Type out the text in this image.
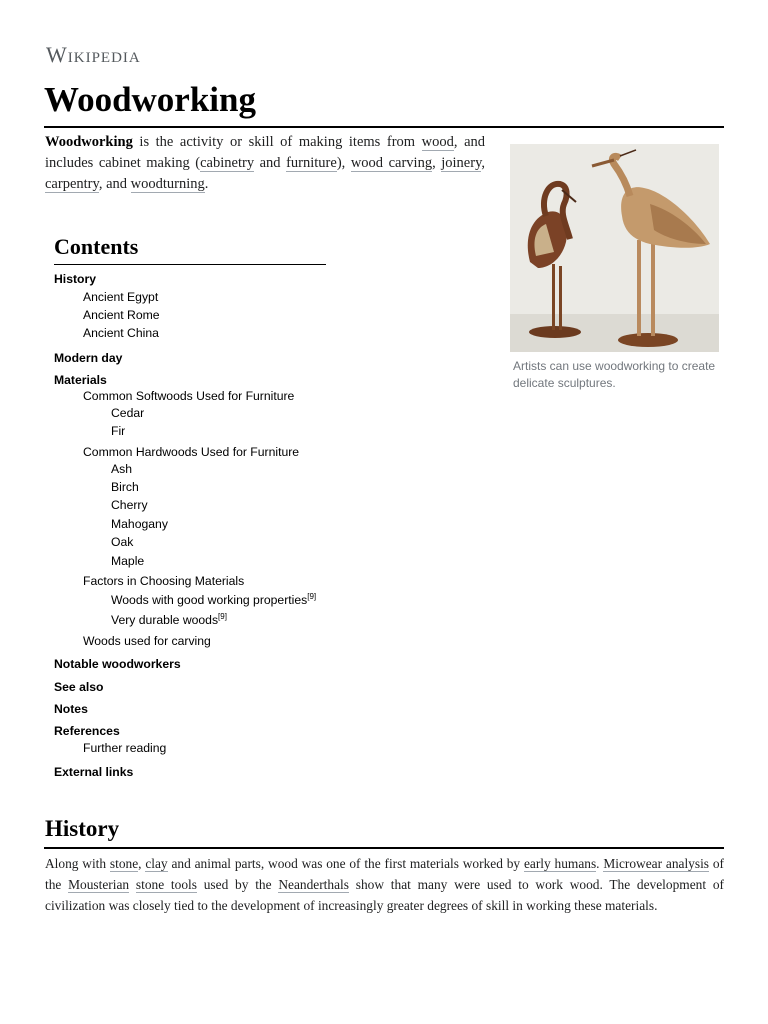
Wikipedia
Woodworking

Woodworking is the activity or skill of making items from wood, and includes cabinet making (cabinetry and furniture), wood carving, joinery, carpentry, and woodturning.

Artists can use woodworking to create delicate sculptures.
Contents
History
Ancient Egypt
Ancient Rome
Ancient China
Modern day
Materials
Common Softwoods Used for Furniture
Cedar
Fir
Common Hardwoods Used for Furniture
Ash
Birch
Cherry
Mahogany
Oak
Maple
Factors in Choosing Materials
Woods with good working properties[9]
Very durable woods[9]
Woods used for carving
Notable woodworkers
See also
Notes
References
Further reading
External links
History

Along with stone, clay and animal parts, wood was one of the first materials worked by early humans. Microwear analysis of the Mousterian stone tools used by the Neanderthals show that many were used to work wood. The development of civilization was closely tied to the development of increasingly greater degrees of skill in working these materials.
